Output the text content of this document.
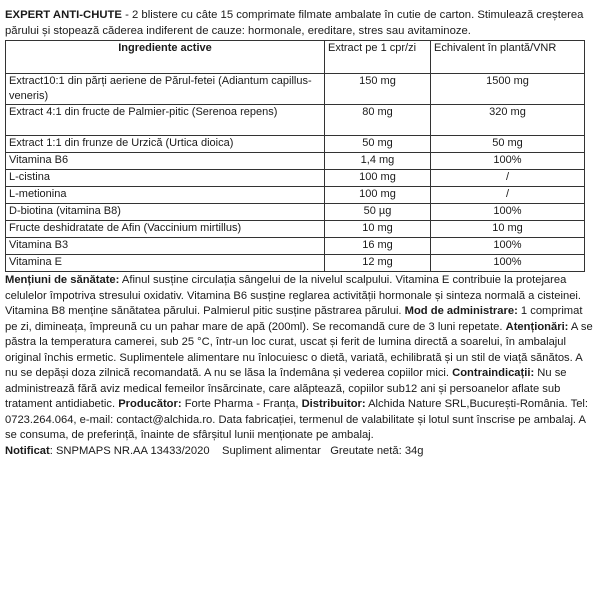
EXPERT ANTI-CHUTE - 2 blistere cu câte 15 comprimate filmate ambalate în cutie de carton. Stimulează creșterea părului și stopează căderea indiferent de cauze: hormonale, ereditare, stres sau avitaminoze.

Ingrediente active	Extract pe 1 cpr/zi	Echivalent în plantă/VNR
Extract10:1 din părți aeriene de Părul-fetei (Adiantum capillus-veneris)	150 mg	1500 mg
Extract 4:1 din fructe de Palmier-pitic (Serenoa repens)	80 mg	320 mg
Extract 1:1 din frunze de Urzică (Urtica dioica)	50 mg	50 mg
Vitamina B6	1,4 mg	100%
L-cistina	100 mg	/
L-metionina	100 mg	/
D-biotina (vitamina B8)	50 µg	100%
Fructe deshidratate de Afin (Vaccinium mirtillus)	10 mg	10 mg
Vitamina B3	16 mg	100%
Vitamina E	12 mg	100%

Mențiuni de sănătate: Afinul susține circulația sângelui de la nivelul scalpului. Vitamina E contribuie la protejarea celulelor împotriva stresului oxidativ. Vitamina B6 susține reglarea activității hormonale și sinteza normală a cisteinei. Vitamina B8 menține sănătatea părului. Palmierul pitic susține păstrarea părului. Mod de administrare: 1 comprimat pe zi, dimineața, împreună cu un pahar mare de apă (200ml). Se recomandă cure de 3 luni repetate. Atenționări: A se păstra la temperatura camerei, sub 25 °C, într-un loc curat, uscat și ferit de lumina directă a soarelui, în ambalajul original închis ermetic. Suplimentele alimentare nu înlocuiesc o dietă, variată, echilibrată și un stil de viață sănătos. A nu se depăși doza zilnică recomandată. A nu se lăsa la îndemâna și vederea copiilor mici. Contraindicații: Nu se administrează fără aviz medical femeilor însărcinate, care alăptează, copiilor sub12 ani și persoanelor aflate sub tratament antidiabetic. Producător: Forte Pharma - Franța, Distribuitor: Alchida Nature SRL,București-România. Tel: 0723.264.064, e-mail: contact@alchida.ro. Data fabricației, termenul de valabilitate și lotul sunt înscrise pe ambalaj. A se consuma, de preferință, înainte de sfârșitul lunii menționate pe ambalaj.

Notificat: SNPMAPS NR.AA 13433/2020    Supliment alimentar   Greutate netă: 34g
